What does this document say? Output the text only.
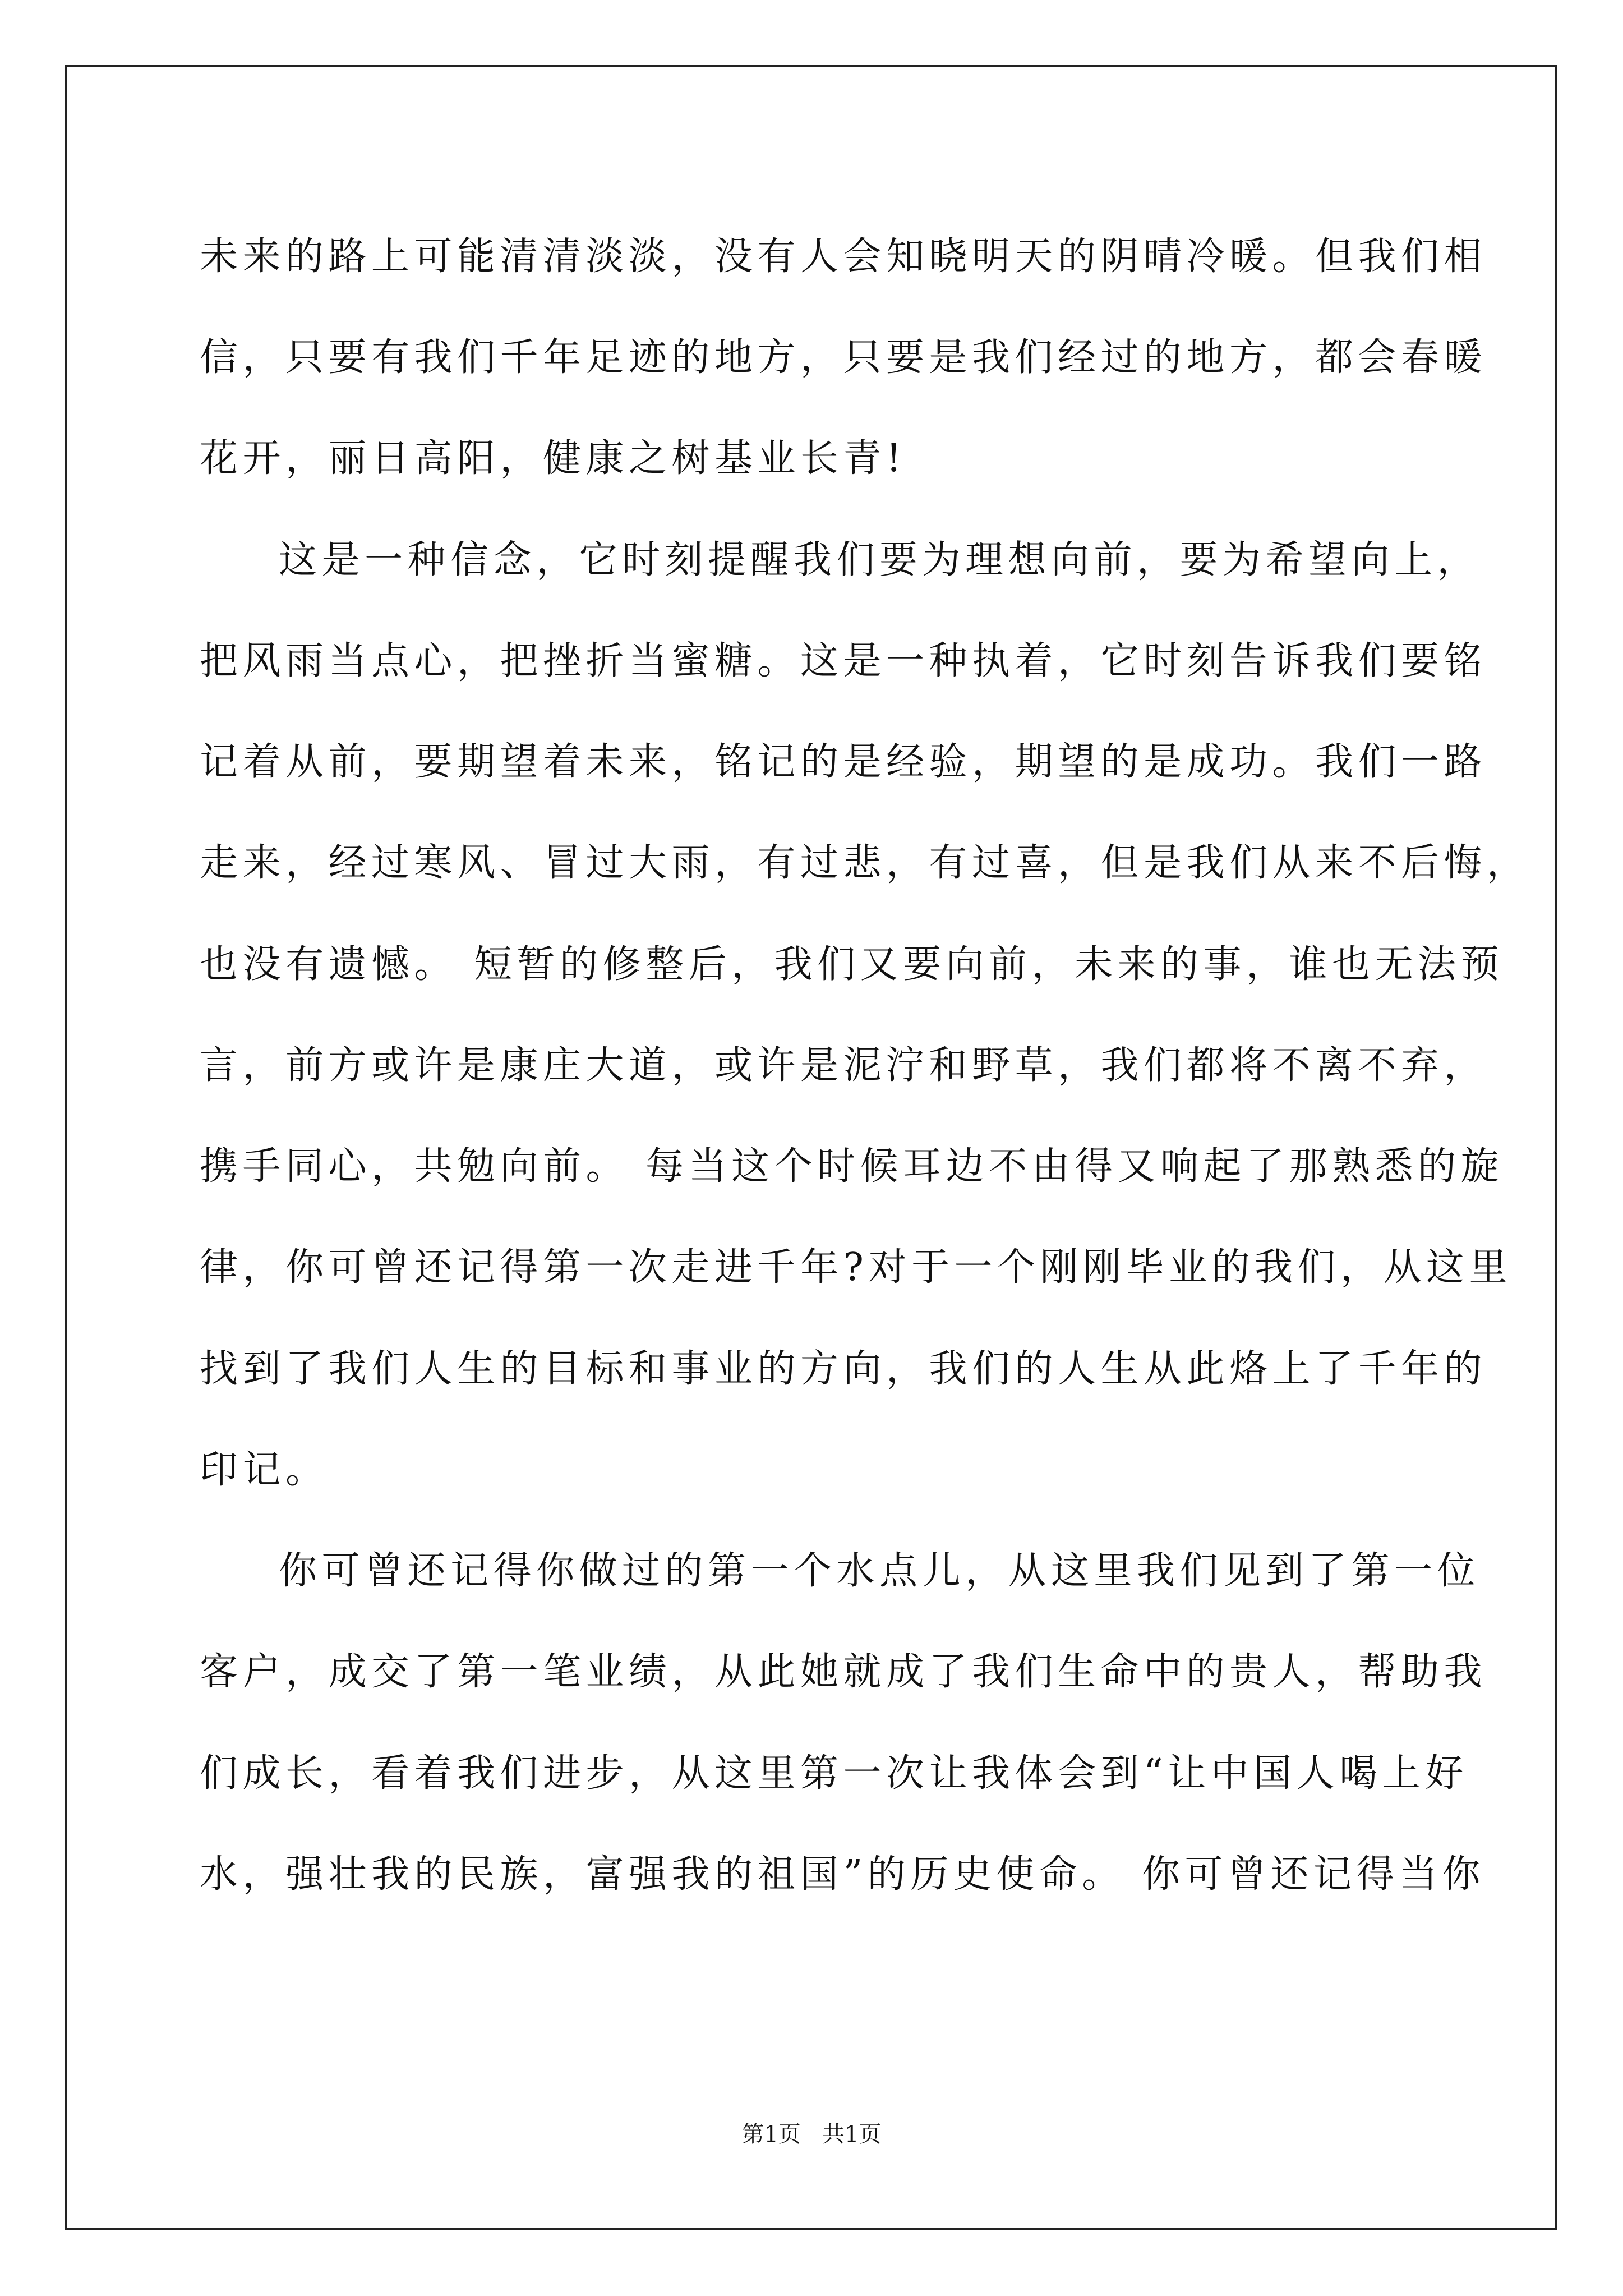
未来的路上可能清清淡淡，没有人会知晓明天的阴晴冷暖。但我们相
信，只要有我们千年足迹的地方，只要是我们经过的地方，都会春暖
花开，丽日高阳，健康之树基业长青!
这是一种信念，它时刻提醒我们要为理想向前，要为希望向上，
把风雨当点心，把挫折当蜜糖。这是一种执着，它时刻告诉我们要铭
记着从前，要期望着未来，铭记的是经验，期望的是成功。我们一路
走来，经过寒风、冒过大雨，有过悲，有过喜，但是我们从来不后悔，
也没有遗憾。 短暂的修整后，我们又要向前，未来的事，谁也无法预
言，前方或许是康庄大道，或许是泥泞和野草，我们都将不离不弃，
携手同心，共勉向前。 每当这个时候耳边不由得又响起了那熟悉的旋
律，你可曾还记得第一次走进千年?对于一个刚刚毕业的我们，从这里
找到了我们人生的目标和事业的方向，我们的人生从此烙上了千年的
印记。
你可曾还记得你做过的第一个水点儿，从这里我们见到了第一位
客户，成交了第一笔业绩，从此她就成了我们生命中的贵人，帮助我
们成长，看着我们进步，从这里第一次让我体会到“让中国人喝上好
水，强壮我的民族，富强我的祖国”的历史使命。 你可曾还记得当你
第1页   共1页
